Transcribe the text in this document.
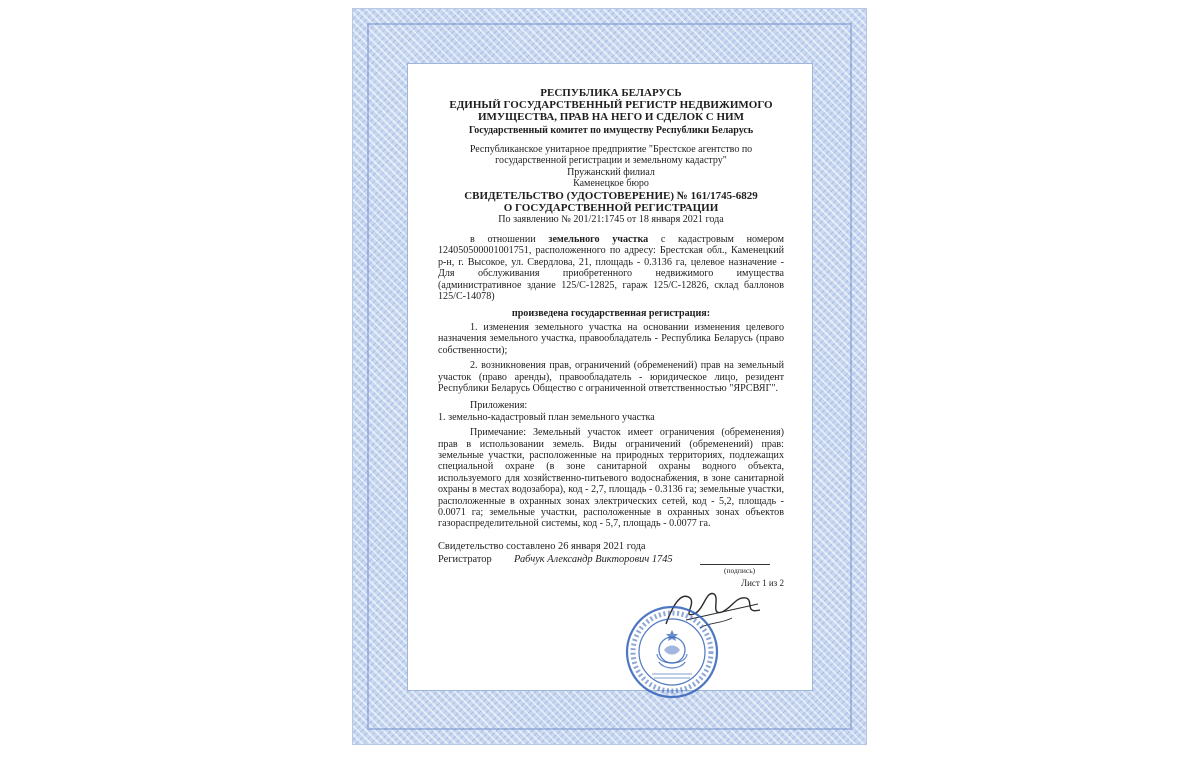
РЕСПУБЛИКА БЕЛАРУСЬ
ЕДИНЫЙ ГОСУДАРСТВЕННЫЙ РЕГИСТР НЕДВИЖИМОГО
ИМУЩЕСТВА, ПРАВ НА НЕГО И СДЕЛОК С НИМ
Государственный комитет по имуществу Республики Беларусь
Республиканское унитарное предприятие "Брестское агентство по
государственной регистрации и земельному кадастру"
Пружанский филиал
Каменецкое бюро
СВИДЕТЕЛЬСТВО (УДОСТОВЕРЕНИЕ) № 161/1745-6829
О ГОСУДАРСТВЕННОЙ РЕГИСТРАЦИИ
По заявлению № 201/21:1745 от 18 января 2021 года
в отношении земельного участка с кадастровым номером 124050500001001751, расположенного по адресу: Брестская обл., Каменецкий р-н, г. Высокое, ул. Свердлова, 21, площадь - 0.3136 га, целевое назначение - Для обслуживания приобретенного недвижимого имущества (административное здание 125/С-12825, гараж 125/С-12826, склад баллонов 125/С-14078)
произведена государственная регистрация:
1. изменения земельного участка на основании изменения целевого назначения земельного участка, правообладатель - Республика Беларусь (право собственности);
2. возникновения прав, ограничений (обременений) прав на земельный участок (право аренды), правообладатель - юридическое лицо, резидент Республики Беларусь Общество с ограниченной ответственностью "ЯРСВЯГ".
Приложения:
1. земельно-кадастровый план земельного участка
Примечание: Земельный участок имеет ограничения (обременения) прав в использовании земель. Виды ограничений (обременений) прав: земельные участки, расположенные на природных территориях, подлежащих специальной охране (в зоне санитарной охраны водного объекта, используемого для хозяйственно-питьевого водоснабжения, в зоне санитарной охраны в местах водозабора), код - 2,7, площадь - 0.3136 га; земельные участки, расположенные в охранных зонах электрических сетей, код - 5,2, площадь - 0.0071 га; земельные участки, расположенные в охранных зонах объектов газораспределительной системы, код - 5,7, площадь - 0.0077 га.
Свидетельство составлено 26 января 2021 года
Регистратор Рабчук Александр Викторович 1745
(подпись)
Лист 1 из 2
